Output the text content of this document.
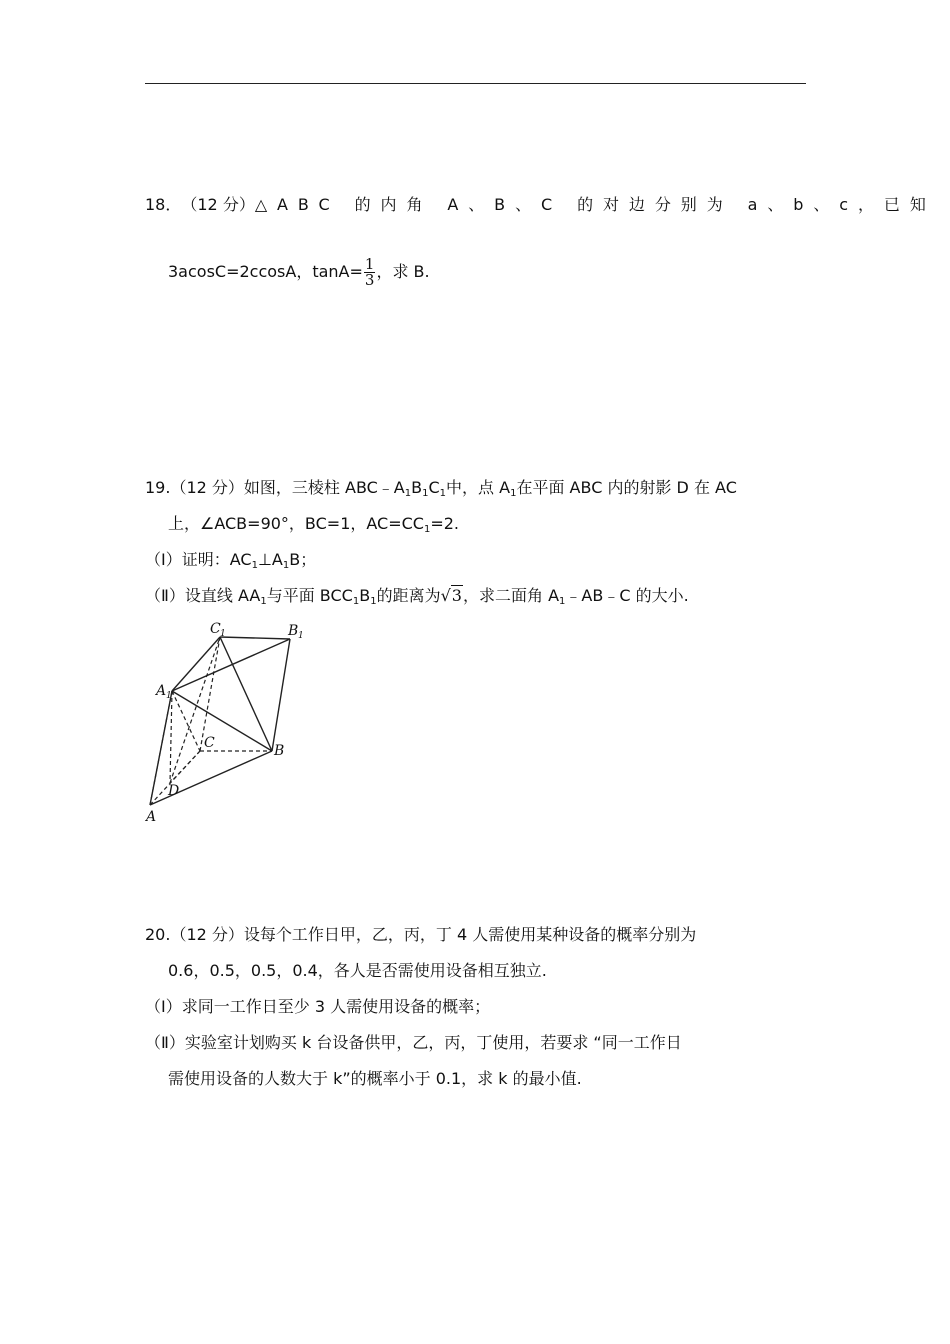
18． （12 分） △ABC 的内角 A、B、C 的对边分别为 a、b、c，已知
3acosC=2ccosA，$\tan A= \frac{1}{3}$ ，求 B.
19.（12 分）如图，三棱柱 $ABC﹣A_1B_1C_1$中，点 $A_1$在平面 ABC 内的射影 D 在 AC
上，∠ACB=90°，BC=1，$AC=CC_1=2$.
（Ⅰ）证明：$AC_1\perp A_1B$；
（Ⅱ）设直线 $AA_1$与平面 $BCC_1B_1$的距离为√3，求二面角 $A_1﹣AB﹣C$ 的大小.
A
A 1
B
B 1
C
C 1
D
20.（12 分）设每个工作日甲，乙，丙，丁 4 人需使用某种设备的概率分别为
0.6，0.5，0.5，0.4，各人是否需使用设备相互独立.
（Ⅰ）求同一工作日至少 3 人需使用设备的概率；
（Ⅱ）实验室计划购买 k 台设备供甲，乙，丙，丁使用，若要求 “同一工作日
需使用设备的人数大于 k”的概率小于 0.1，求 k 的最小值.
